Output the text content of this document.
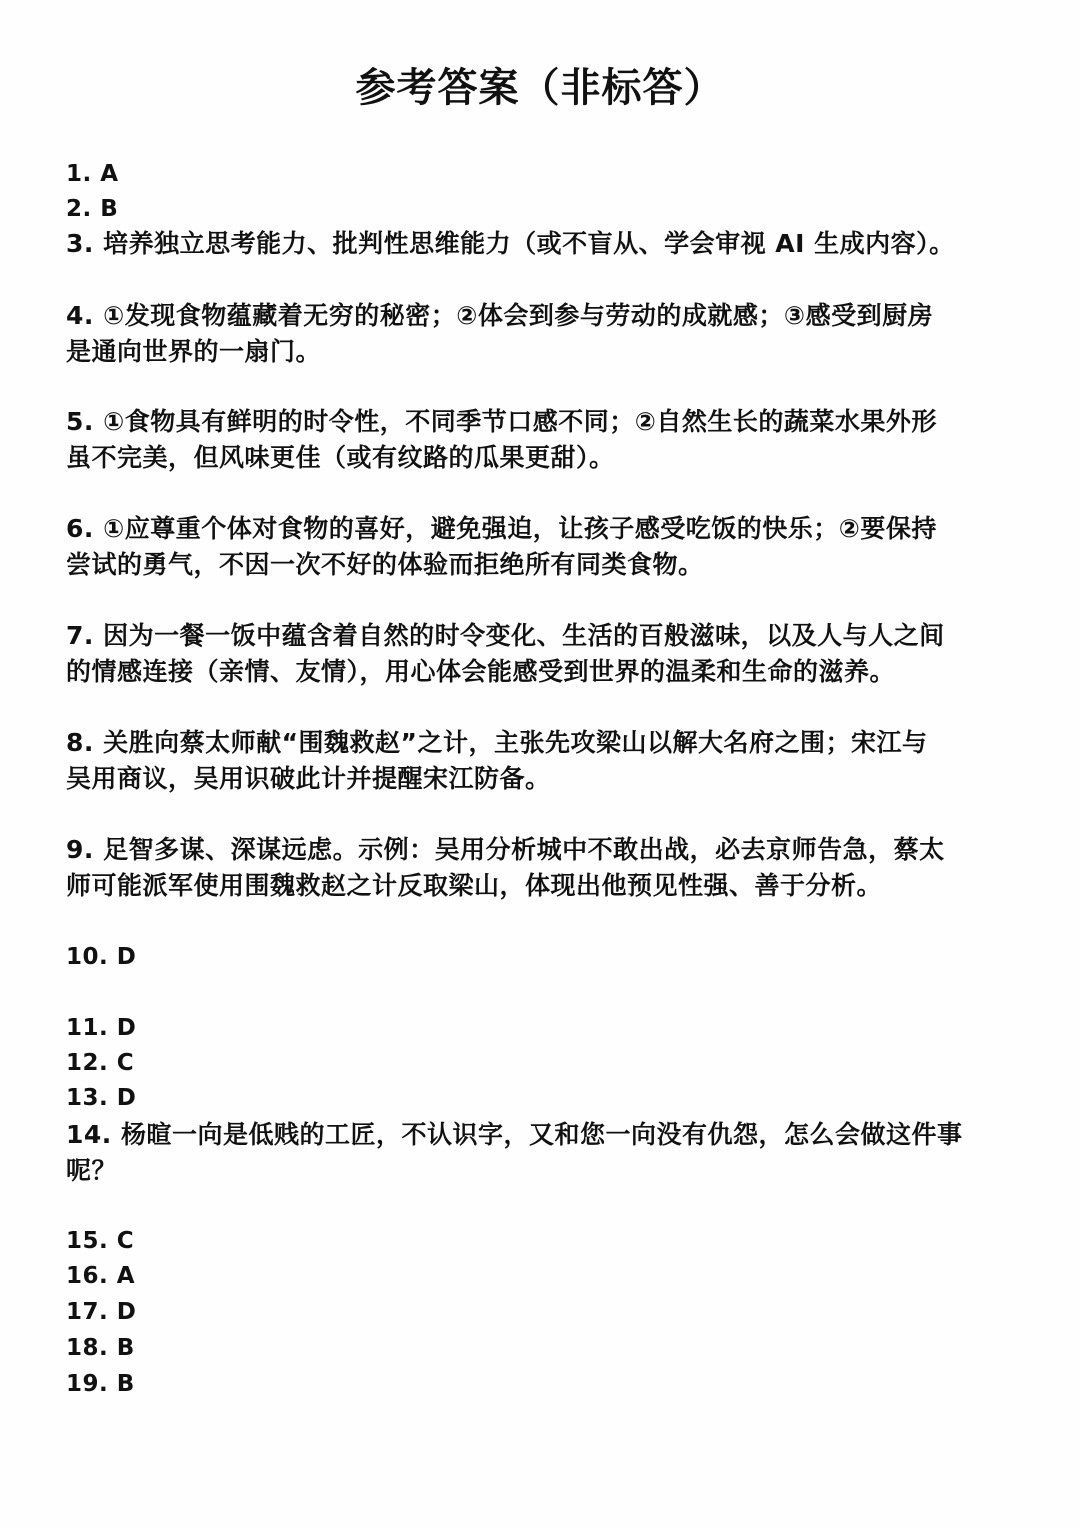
参考答案（非标答）
1. A
2. B
3. 培养独立思考能力、批判性思维能力（或不盲从、学会审视 AI 生成内容）。
4. ①发现食物蕴藏着无穷的秘密；②体会到参与劳动的成就感；③感受到厨房
是通向世界的一扇门。
5. ①食物具有鲜明的时令性，不同季节口感不同；②自然生长的蔬菜水果外形
虽不完美，但风味更佳（或有纹路的瓜果更甜）。
6. ①应尊重个体对食物的喜好，避免强迫，让孩子感受吃饭的快乐；②要保持
尝试的勇气，不因一次不好的体验而拒绝所有同类食物。
7. 因为一餐一饭中蕴含着自然的时令变化、生活的百般滋味，以及人与人之间
的情感连接（亲情、友情），用心体会能感受到世界的温柔和生命的滋养。
8. 关胜向蔡太师献“围魏救赵”之计，主张先攻梁山以解大名府之围；宋江与
吴用商议，吴用识破此计并提醒宋江防备。
9. 足智多谋、深谋远虑。示例：吴用分析城中不敢出战，必去京师告急，蔡太
师可能派军使用围魏救赵之计反取梁山，体现出他预见性强、善于分析。
10. D
11. D
12. C
13. D
14. 杨暄一向是低贱的工匠，不认识字，又和您一向没有仇怨，怎么会做这件事
呢？
15. C
16. A
17. D
18. B
19. B
